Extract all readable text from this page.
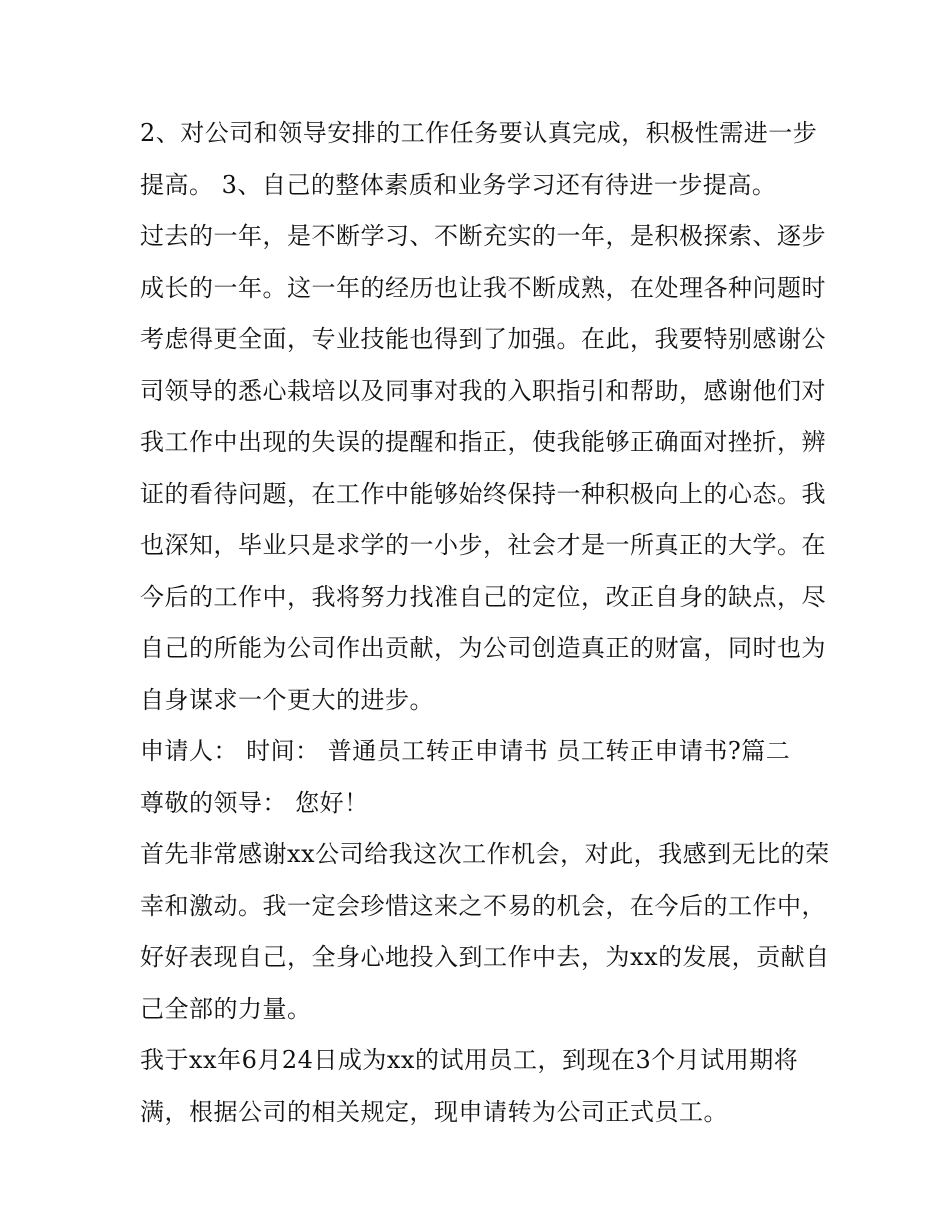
2、对公司和领导安排的工作任务要认真完成，积极性需进一步提高。 3、自己的整体素质和业务学习还有待进一步提高。

过去的一年，是不断学习、不断充实的一年，是积极探索、逐步成长的一年。这一年的经历也让我不断成熟，在处理各种问题时考虑得更全面，专业技能也得到了加强。在此，我要特别感谢公司领导的悉心栽培以及同事对我的入职指引和帮助，感谢他们对我工作中出现的失误的提醒和指正，使我能够正确面对挫折，辨证的看待问题，在工作中能够始终保持一种积极向上的心态。我也深知，毕业只是求学的一小步，社会才是一所真正的大学。在今后的工作中，我将努力找准自己的定位，改正自身的缺点，尽自己的所能为公司作出贡献，为公司创造真正的财富，同时也为自身谋求一个更大的进步。

申请人： 时间： 普通员工转正申请书 员工转正申请书?篇二

尊敬的领导： 您好！

首先非常感谢xx公司给我这次工作机会，对此，我感到无比的荣幸和激动。我一定会珍惜这来之不易的机会，在今后的工作中，好好表现自己，全身心地投入到工作中去，为xx的发展，贡献自己全部的力量。

我于xx年6月24日成为xx的试用员工，到现在3个月试用期将满，根据公司的相关规定，现申请转为公司正式员工。
